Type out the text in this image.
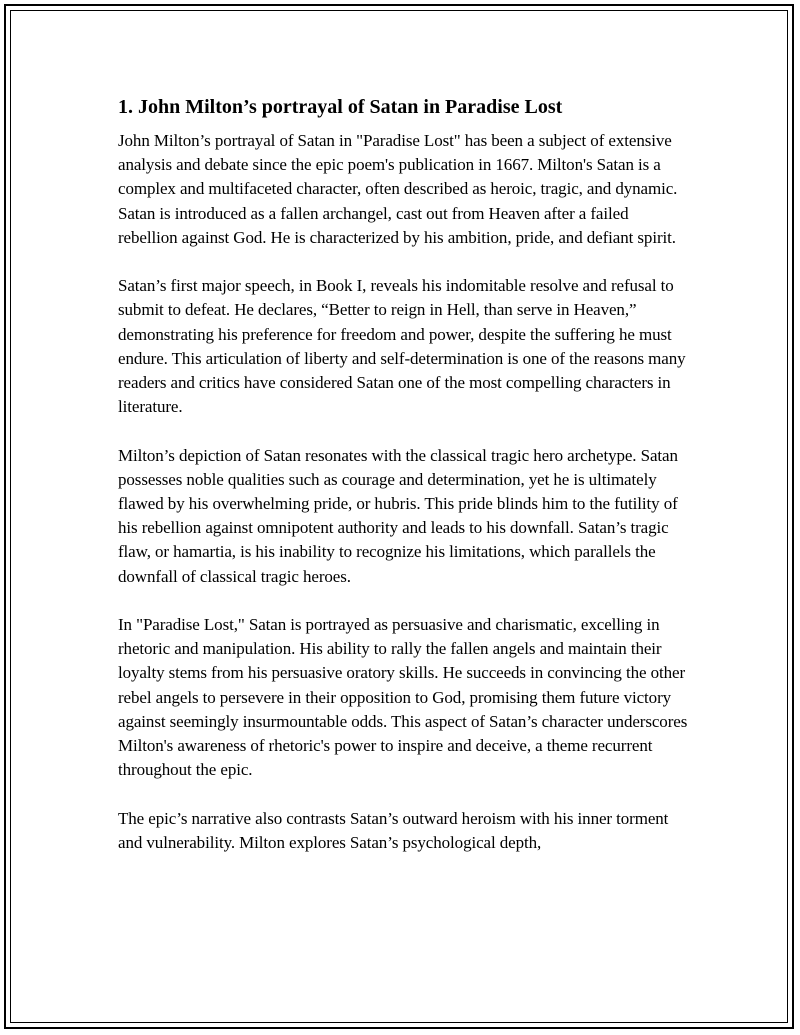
1. John Milton’s portrayal of Satan in Paradise Lost

John Milton’s portrayal of Satan in "Paradise Lost" has been a subject of extensive analysis and debate since the epic poem's publication in 1667. Milton's Satan is a complex and multifaceted character, often described as heroic, tragic, and dynamic. Satan is introduced as a fallen archangel, cast out from Heaven after a failed rebellion against God. He is characterized by his ambition, pride, and defiant spirit.

Satan’s first major speech, in Book I, reveals his indomitable resolve and refusal to submit to defeat. He declares, “Better to reign in Hell, than serve in Heaven,” demonstrating his preference for freedom and power, despite the suffering he must endure. This articulation of liberty and self-determination is one of the reasons many readers and critics have considered Satan one of the most compelling characters in literature.

Milton’s depiction of Satan resonates with the classical tragic hero archetype. Satan possesses noble qualities such as courage and determination, yet he is ultimately flawed by his overwhelming pride, or hubris. This pride blinds him to the futility of his rebellion against omnipotent authority and leads to his downfall. Satan’s tragic flaw, or hamartia, is his inability to recognize his limitations, which parallels the downfall of classical tragic heroes.

In "Paradise Lost," Satan is portrayed as persuasive and charismatic, excelling in rhetoric and manipulation. His ability to rally the fallen angels and maintain their loyalty stems from his persuasive oratory skills. He succeeds in convincing the other rebel angels to persevere in their opposition to God, promising them future victory against seemingly insurmountable odds. This aspect of Satan’s character underscores Milton's awareness of rhetoric's power to inspire and deceive, a theme recurrent throughout the epic.

The epic’s narrative also contrasts Satan’s outward heroism with his inner torment and vulnerability. Milton explores Satan’s psychological depth,
